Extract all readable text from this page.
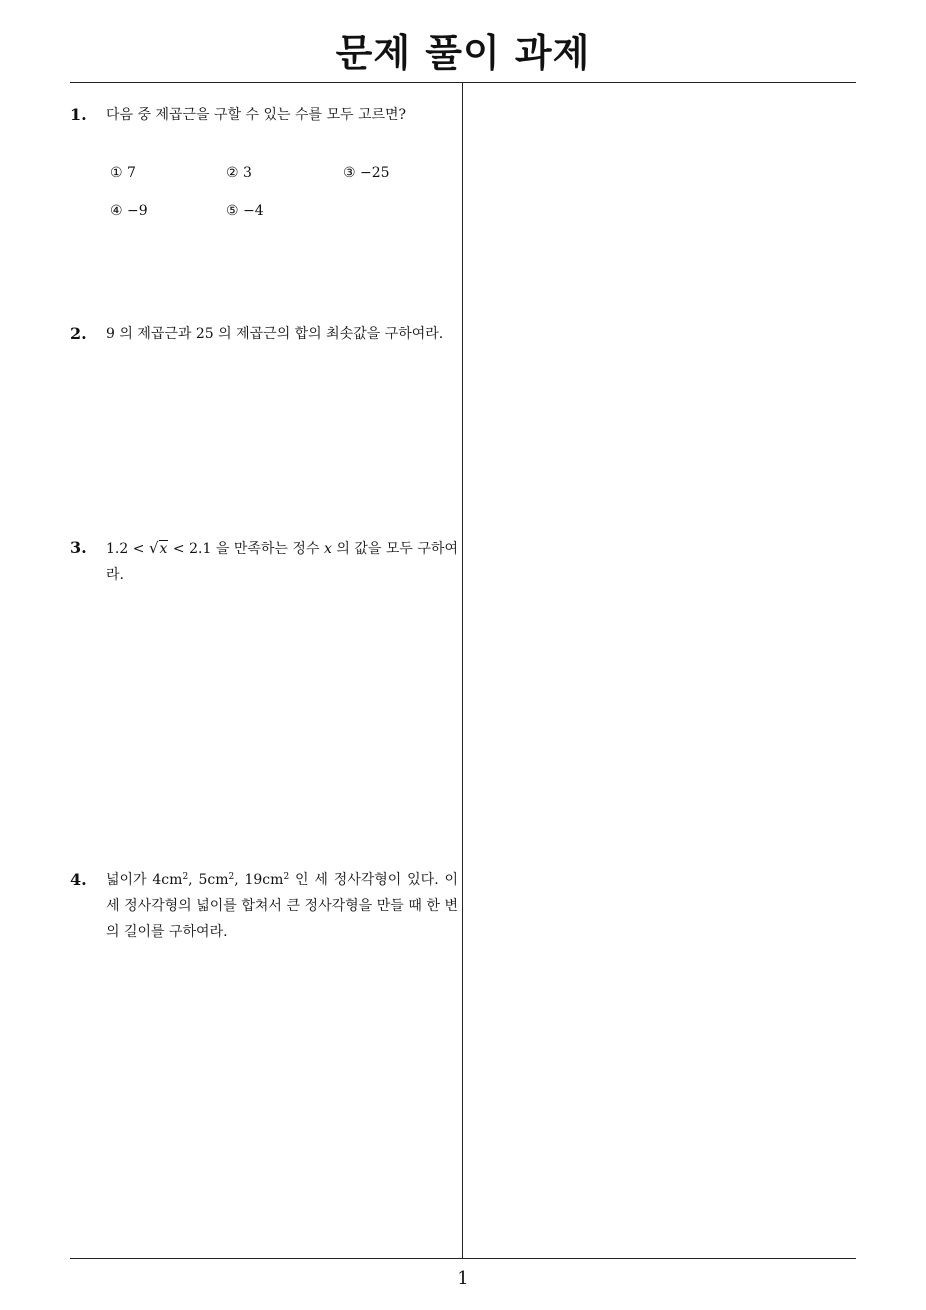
문제 풀이 과제
1. 다음 중 제곱근을 구할 수 있는 수를 모두 고르면?
① 7	② 3	③ −25
④ −9	⑤ −4
2. 9 의 제곱근과 25 의 제곱근의 합의 최솟값을 구하여라.
3. 1.2 < √x < 2.1 을 만족하는 정수 x 의 값을 모두 구하여라.
4. 넓이가 $4cm^2$, $5cm^2$, $19cm^2$ 인 세 정사각형이 있다. 이 세 정사각형의 넓이를 합쳐서 큰 정사각형을 만들 때 한 변의 길이를 구하여라.
1
